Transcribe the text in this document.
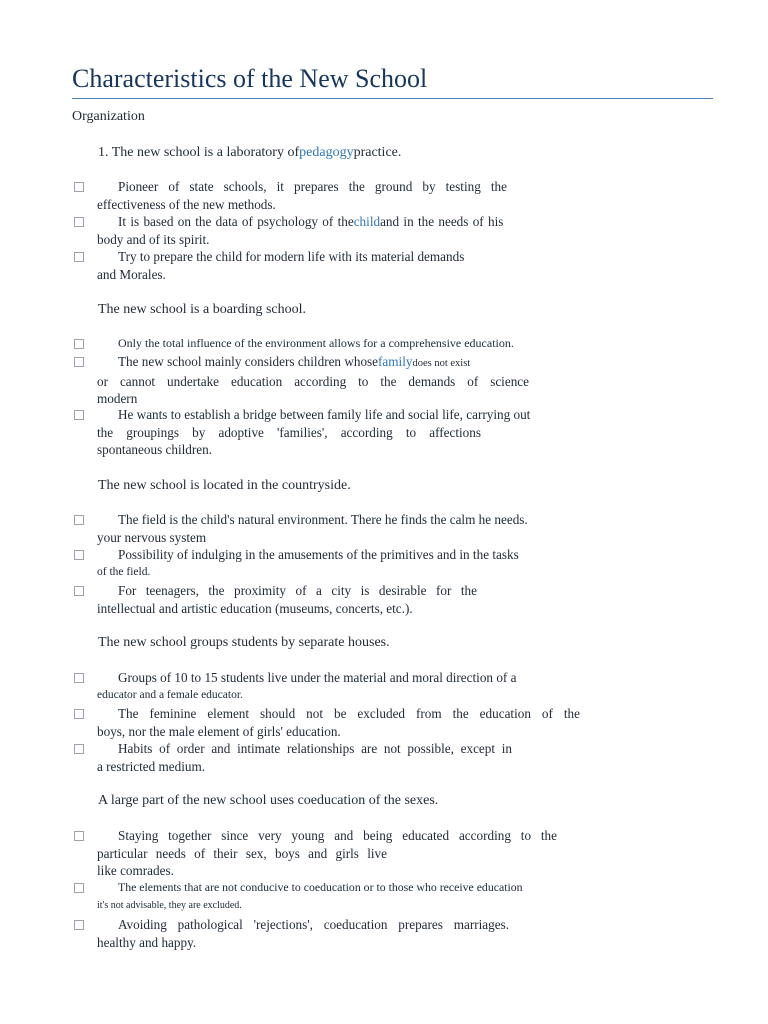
Characteristics of the New School
Organization
1. The new school is a laboratory ofpedagogypractice.
Pioneer of state schools, it prepares the ground by testing the
effectiveness of the new methods.
It is based on the data of psychology of thechildand in the needs of his
body and of its spirit.
Try to prepare the child for modern life with its material demands
and Morales.
The new school is a boarding school.
Only the total influence of the environment allows for a comprehensive education.
The new school mainly considers children whosefamilydoes not exist
or cannot undertake education according to the demands of science
modern
He wants to establish a bridge between family life and social life, carrying out
the groupings by adoptive 'families', according to affections
spontaneous children.
The new school is located in the countryside.
The field is the child's natural environment. There he finds the calm he needs.
your nervous system
Possibility of indulging in the amusements of the primitives and in the tasks
of the field.
For teenagers, the proximity of a city is desirable for the
intellectual and artistic education (museums, concerts, etc.).
The new school groups students by separate houses.
Groups of 10 to 15 students live under the material and moral direction of a
educator and a female educator.
The feminine element should not be excluded from the education of the
boys, nor the male element of girls' education.
Habits of order and intimate relationships are not possible, except in
a restricted medium.
A large part of the new school uses coeducation of the sexes.
Staying together since very young and being educated according to the
particular needs of their sex, boys and girls live
like comrades.
The elements that are not conducive to coeducation or to those who receive education
it's not advisable, they are excluded.
Avoiding pathological 'rejections', coeducation prepares marriages.
healthy and happy.
